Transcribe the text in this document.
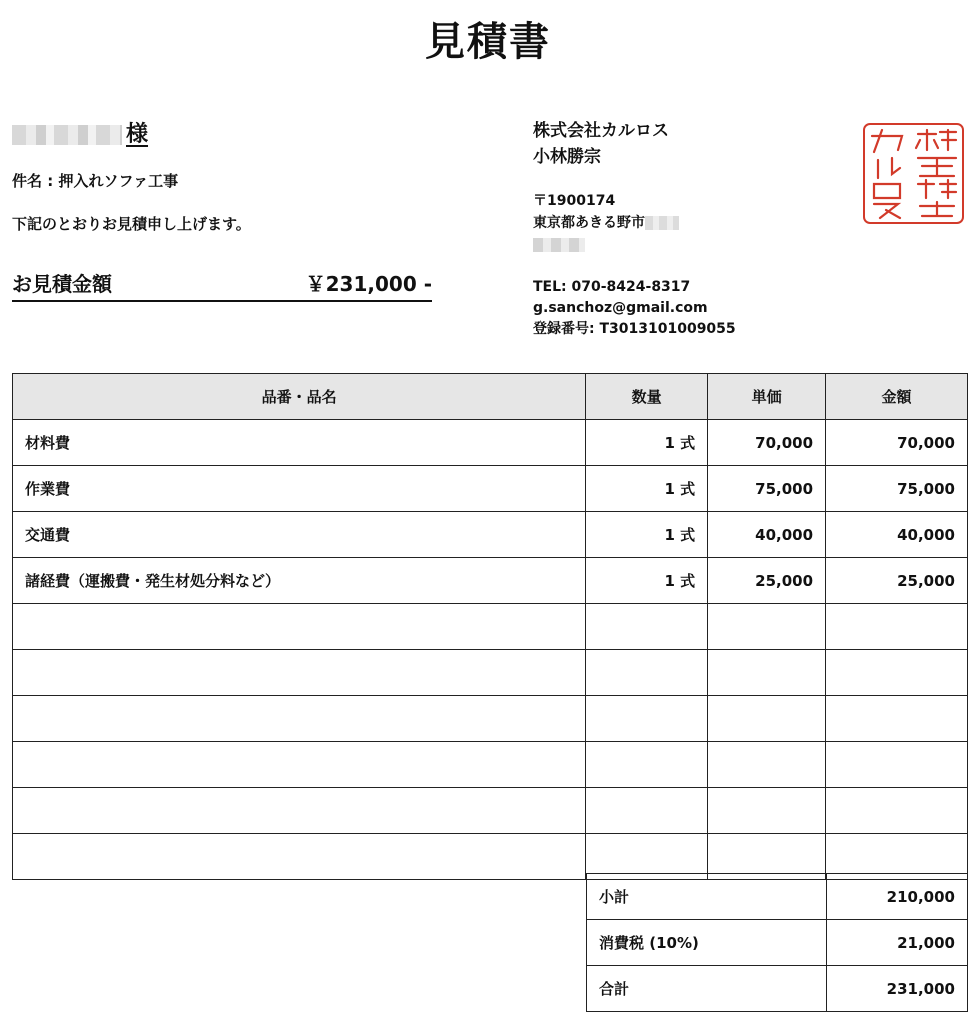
見積書
様
件名 : 押入れソファ工事
下記のとおりお見積申し上げます。
お見積金額	￥231,000 -
株式会社カルロス
小林勝宗
〒1900174
東京都あきる野市
TEL: 070-8424-8317
g.sanchoz@gmail.com
登録番号: T3013101009055
品番・品名	数量	単価	金額
材料費	1 式	70,000	70,000
作業費	1 式	75,000	75,000
交通費	1 式	40,000	40,000
諸経費（運搬費・発生材処分料など）	1 式	25,000	25,000

小計	210,000
消費税 (10%)	21,000
合計	231,000
